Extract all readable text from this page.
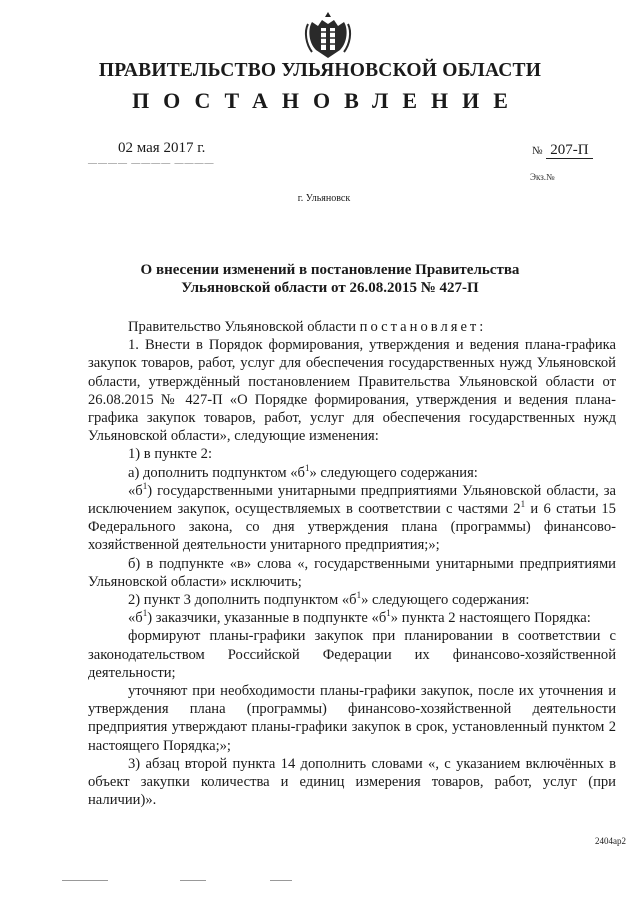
ПРАВИТЕЛЬСТВО УЛЬЯНОВСКОЙ ОБЛАСТИ
ПОСТАНОВЛЕНИЕ
02 мая 2017 г.
———— ———— ————
№ 207-П
Экз.№
г. Ульяновск
О внесении изменений в постановление Правительства
Ульяновской области от 26.08.2015 № 427-П

Правительство Ульяновской области постановляет:

1. Внести в Порядок формирования, утверждения и ведения плана-графика закупок товаров, работ, услуг для обеспечения государственных нужд Ульяновской области, утверждённый постановлением Правительства Ульяновской области от 26.08.2015 № 427-П «О Порядке формирования, утверждения и ведения плана-графика закупок товаров, работ, услуг для обеспечения государственных нужд Ульяновской области», следующие изменения:

1) в пункте 2:

а) дополнить подпунктом «$б^1$» следующего содержания:

«$б^1$) государственными унитарными предприятиями Ульяновской области, за исключением закупок, осуществляемых в соответствии с частями $2^1$ и 6 статьи 15 Федерального закона, со дня утверждения плана (программы) финансово-хозяйственной деятельности унитарного предприятия;»;

б) в подпункте «в» слова «, государственными унитарными предприятиями Ульяновской области» исключить;

2) пункт 3 дополнить подпунктом «$б^1$» следующего содержания:

«$б^1$) заказчики, указанные в подпункте «$б^1$» пункта 2 настоящего Порядка:

формируют планы-графики закупок при планировании в соответствии с законодательством Российской Федерации их финансово-хозяйственной деятельности;

уточняют при необходимости планы-графики закупок, после их уточнения и утверждения плана (программы) финансово-хозяйственной деятельности предприятия утверждают планы-графики закупок в срок, установленный пунктом 2 настоящего Порядка;»;

3) абзац второй пункта 14 дополнить словами «, с указанием включённых в объект закупки количества и единиц измерения товаров, работ, услуг (при наличии)».

2404ap2
